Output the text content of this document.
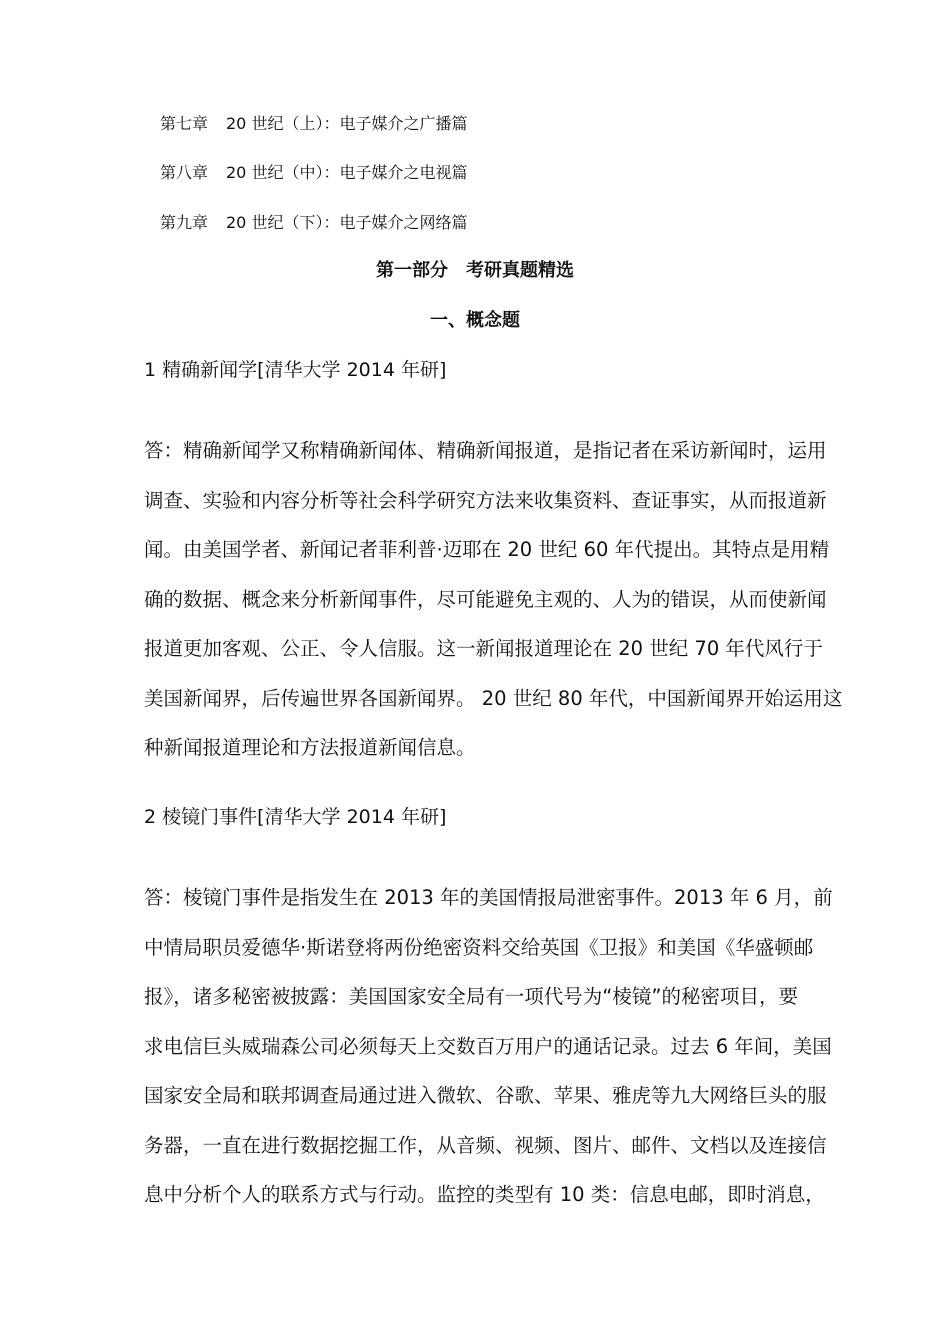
第七章 20 世纪（上）：电子媒介之广播篇
第八章 20 世纪（中）：电子媒介之电视篇
第九章 20 世纪（下）：电子媒介之网络篇
第一部分　考研真题精选
一、概念题
1 精确新闻学[清华大学 2014 年研]
答：精确新闻学又称精确新闻体、精确新闻报道，是指记者在采访新闻时，运用
调查、实验和内容分析等社会科学研究方法来收集资料、查证事实，从而报道新
闻。由美国学者、新闻记者菲利普·迈耶在 20 世纪 60 年代提出。其特点是用精
确的数据、概念来分析新闻事件，尽可能避免主观的、人为的错误，从而使新闻
报道更加客观、公正、令人信服。这一新闻报道理论在 20 世纪 70 年代风行于
美国新闻界，后传遍世界各国新闻界。 20 世纪 80 年代，中国新闻界开始运用这
种新闻报道理论和方法报道新闻信息。
2 棱镜门事件[清华大学 2014 年研]
答：棱镜门事件是指发生在 2013 年的美国情报局泄密事件。2013 年 6 月，前
中情局职员爱德华·斯诺登将两份绝密资料交给英国《卫报》和美国《华盛顿邮
报》，诸多秘密被披露：美国国家安全局有一项代号为“棱镜”的秘密项目，要
求电信巨头威瑞森公司必须每天上交数百万用户的通话记录。过去 6 年间，美国
国家安全局和联邦调查局通过进入微软、谷歌、苹果、雅虎等九大网络巨头的服
务器，一直在进行数据挖掘工作，从音频、视频、图片、邮件、文档以及连接信
息中分析个人的联系方式与行动。监控的类型有 10 类：信息电邮，即时消息，
